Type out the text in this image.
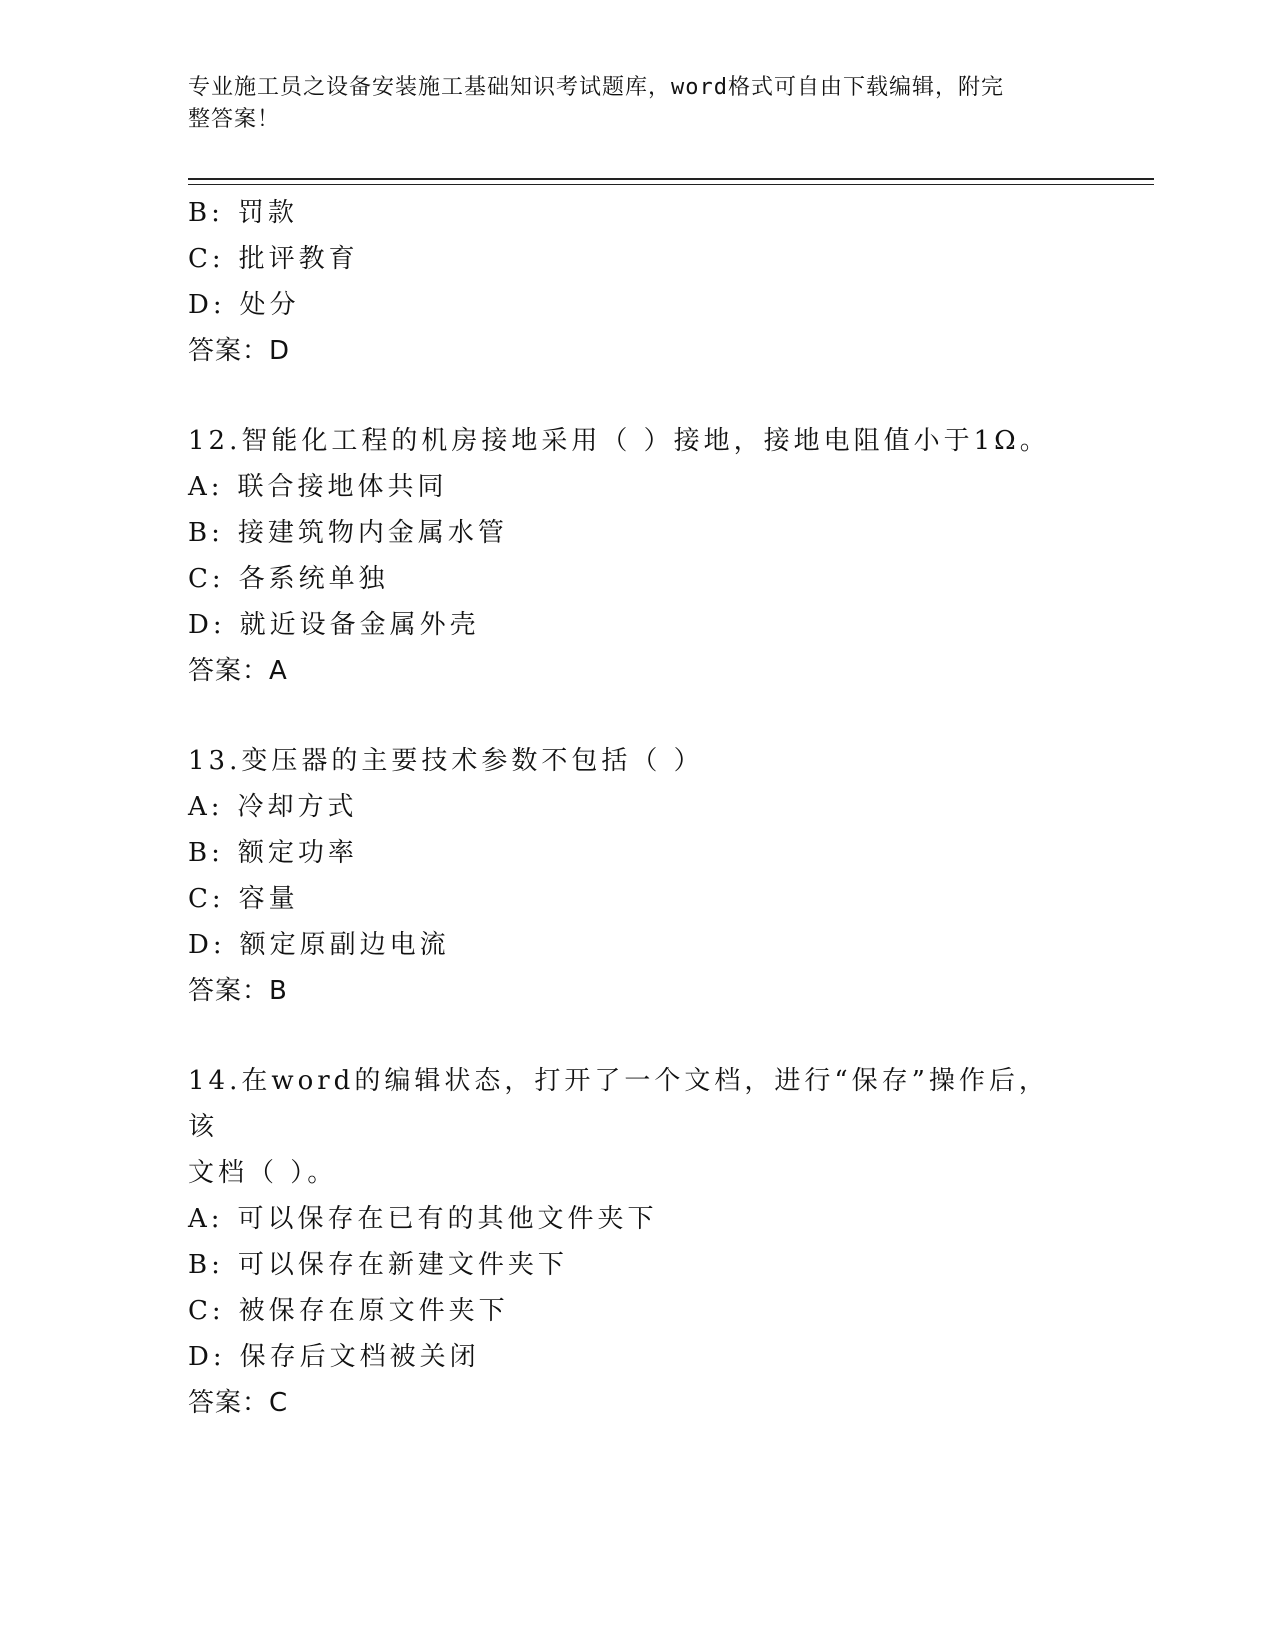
专业施工员之设备安装施工基础知识考试题库，word格式可自由下载编辑，附完
整答案！
B: 罚款
C: 批评教育
D: 处分
答案：D
12.智能化工程的机房接地采用（ ）接地，接地电阻值小于1Ω。
A: 联合接地体共同
B: 接建筑物内金属水管
C: 各系统单独
D: 就近设备金属外壳
答案：A
13.变压器的主要技术参数不包括（ ）
A: 冷却方式
B: 额定功率
C: 容量
D: 额定原副边电流
答案：B
14.在word的编辑状态，打开了一个文档，进行“保存”操作后，该
文档（ ）。
A: 可以保存在已有的其他文件夹下
B: 可以保存在新建文件夹下
C: 被保存在原文件夹下
D: 保存后文档被关闭
答案：C
